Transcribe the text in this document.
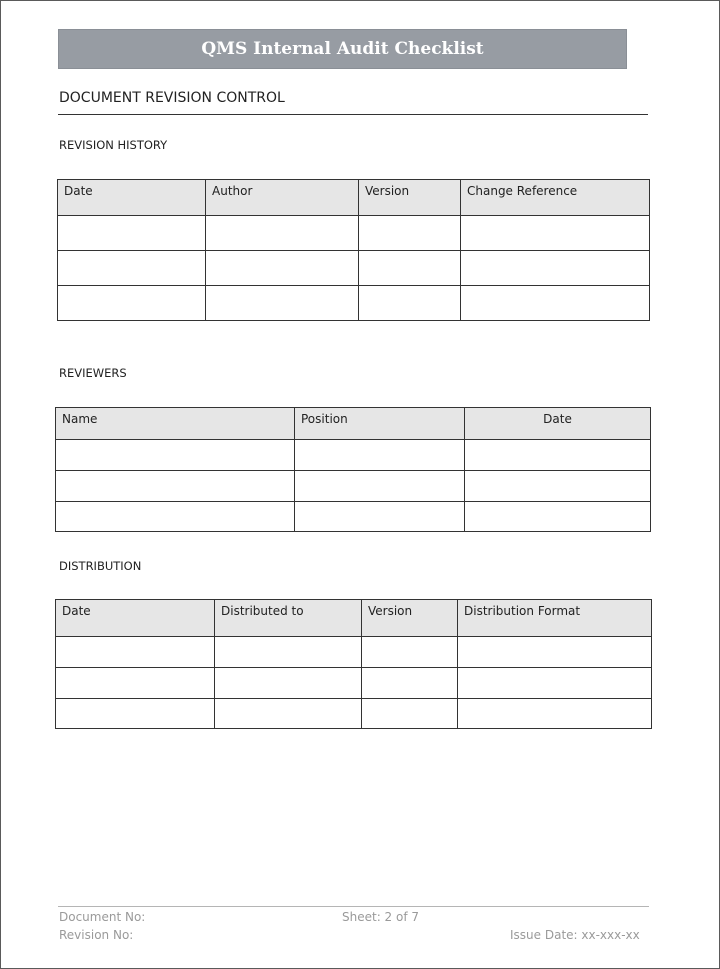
QMS Internal Audit Checklist
DOCUMENT REVISION CONTROL
REVISION HISTORY
Date	Author	Version	Change Reference

REVIEWERS
Name	Position	Date

DISTRIBUTION
Date	Distributed to	Version	Distribution Format

Document No:	Sheet: 2 of 7
Revision No:	Issue Date: xx-xxx-xx
